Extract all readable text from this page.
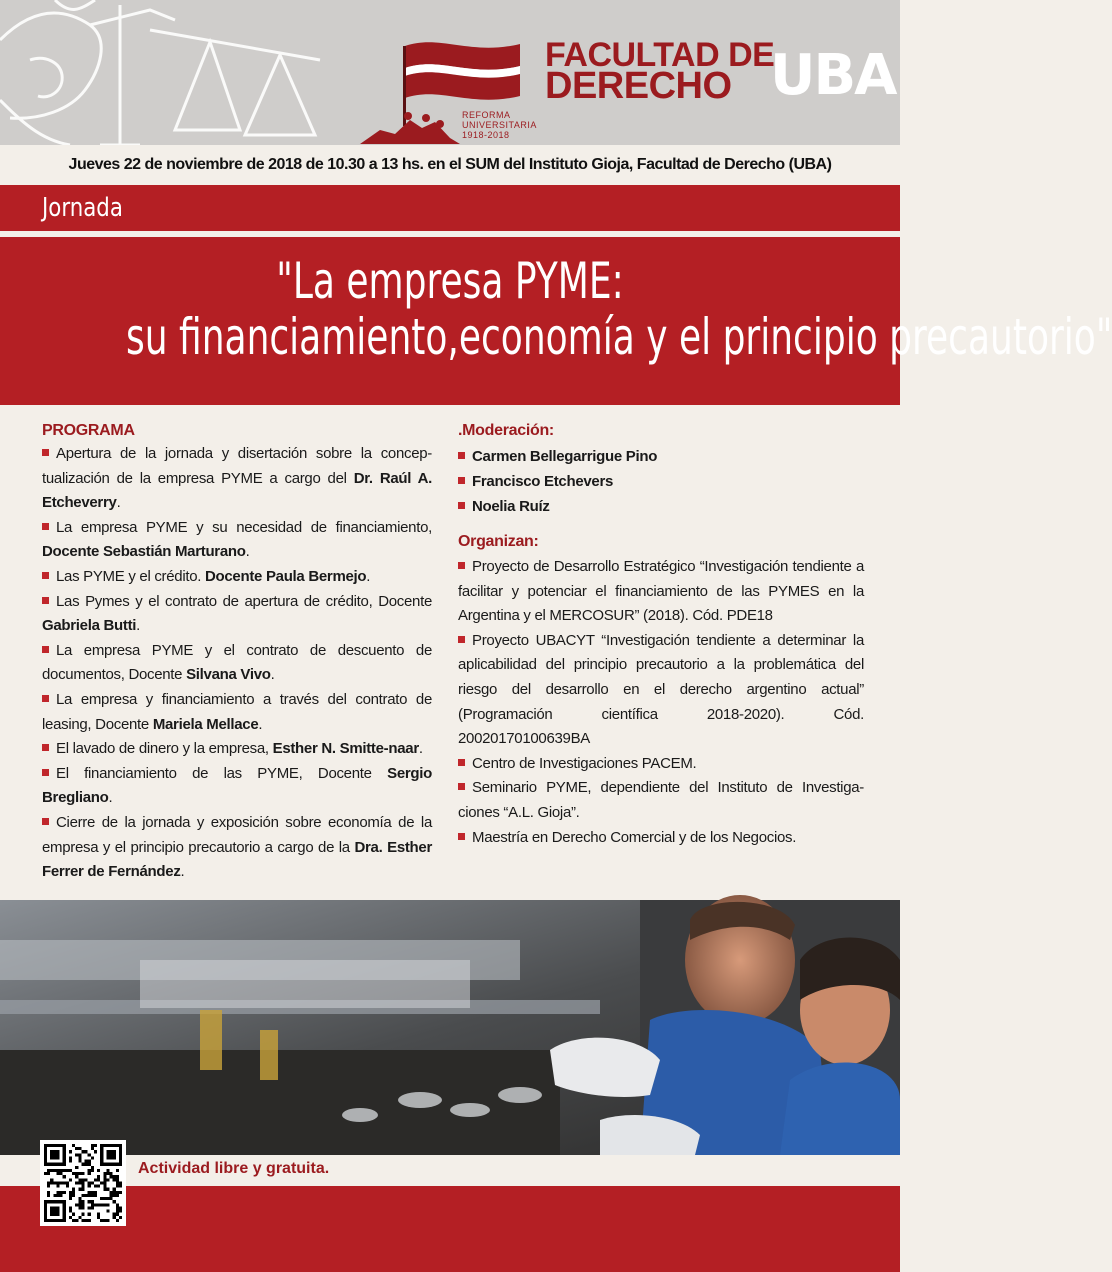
REFORMA
UNIVERSITARIA
1918-2018
FACULTAD DE
DERECHO UBA
Jueves 22 de noviembre de 2018 de 10.30 a 13 hs. en el SUM del Instituto Gioja, Facultad de Derecho (UBA)
Jornada
"La empresa PYME:
su financiamiento,economía y el principio precautorio"
PROGRAMA
Apertura de la jornada y disertación sobre la concep-tualización de la empresa PYME a cargo del Dr. Raúl A. Etcheverry.
La empresa PYME y su necesidad de financiamiento, Docente Sebastián Marturano.
Las PYME y el crédito. Docente Paula Bermejo.
Las Pymes y el contrato de apertura de crédito, Docente Gabriela Butti.
La empresa PYME y el contrato de descuento de documentos, Docente Silvana Vivo.
La empresa y financiamiento a través del contrato de leasing, Docente Mariela Mellace.
El lavado de dinero y la empresa, Esther N. Smitte-naar.
El financiamiento de las PYME, Docente Sergio Bregliano.
Cierre de la jornada y exposición sobre economía de la empresa y el principio precautorio a cargo de la Dra. Esther Ferrer de Fernández.
.Moderación:
Carmen Bellegarrigue Pino
Francisco Etchevers
Noelia Ruíz
Organizan:
Proyecto de Desarrollo Estratégico “Investigación tendiente a facilitar y potenciar el financiamiento de las PYMES en la Argentina y el MERCOSUR” (2018). Cód. PDE18
Proyecto UBACYT “Investigación tendiente a determinar la aplicabilidad del principio precautorio a la problemática del riesgo del desarrollo en el derecho argentino actual” (Programación científica 2018-2020). Cód. 20020170100639BA
Centro de Investigaciones PACEM.
Seminario PYME, dependiente del Instituto de Investiga-ciones “A.L. Gioja”.
Maestría en Derecho Comercial y de los Negocios.
Actividad libre y gratuita.
